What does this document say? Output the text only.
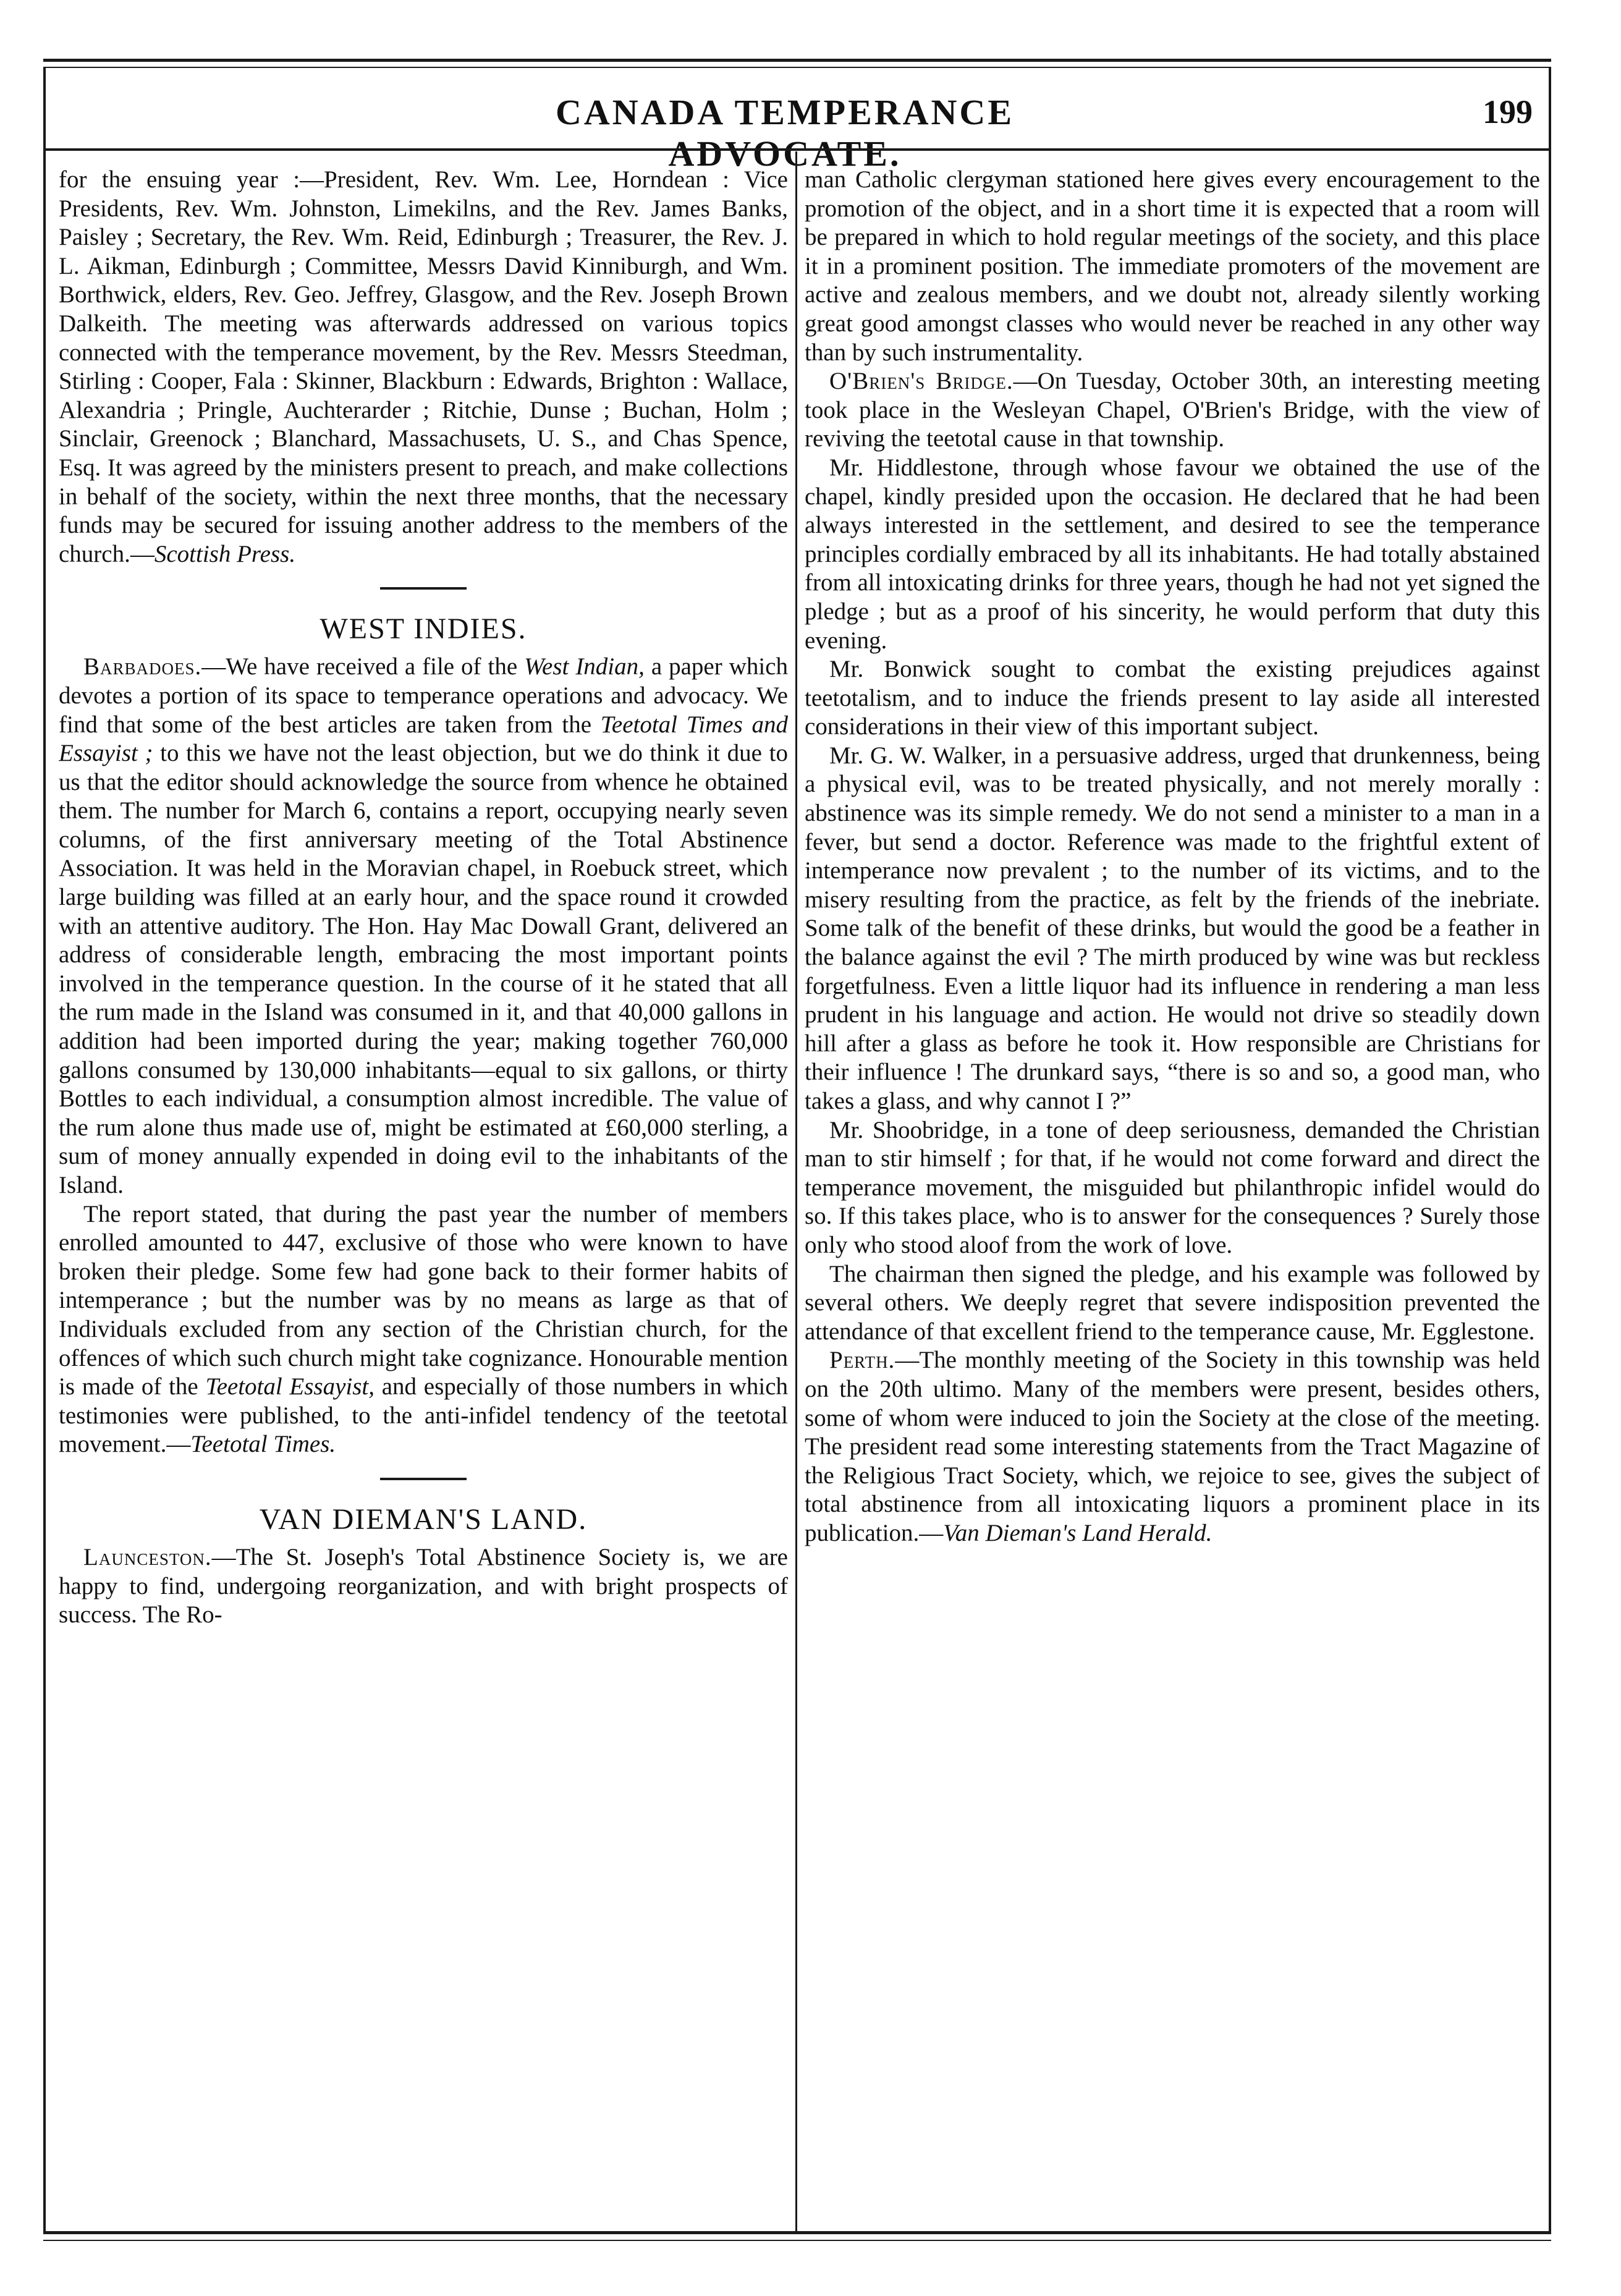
CANADA TEMPERANCE ADVOCATE.
199

for the ensuing year :—President, Rev. Wm. Lee, Horndean : Vice Presidents, Rev. Wm. Johnston, Limekilns, and the Rev. James Banks, Paisley ; Secretary, the Rev. Wm. Reid, Edinburgh ; Treasurer, the Rev. J. L. Aikman, Edinburgh ; Committee, Messrs David Kinniburgh, and Wm. Borthwick, elders, Rev. Geo. Jeffrey, Glasgow, and the Rev. Joseph Brown Dalkeith. The meeting was afterwards addressed on various topics connected with the temperance movement, by the Rev. Messrs Steedman, Stirling : Cooper, Fala : Skinner, Blackburn : Edwards, Brighton : Wallace, Alexandria ; Pringle, Auchterarder ; Ritchie, Dunse ; Buchan, Holm ; Sinclair, Greenock ; Blanchard, Massachusets, U. S., and Chas Spence, Esq. It was agreed by the ministers present to preach, and make collections in behalf of the society, within the next three months, that the necessary funds may be secured for issuing another address to the members of the church.—Scottish Press.

WEST INDIES.

Barbadoes.—We have received a file of the West Indian, a paper which devotes a portion of its space to temperance operations and advocacy. We find that some of the best articles are taken from the Teetotal Times and Essayist ; to this we have not the least objection, but we do think it due to us that the editor should acknowledge the source from whence he obtained them. The number for March 6, contains a report, occupying nearly seven columns, of the first anniversary meeting of the Total Abstinence Association. It was held in the Moravian chapel, in Roebuck street, which large building was filled at an early hour, and the space round it crowded with an attentive auditory. The Hon. Hay Mac Dowall Grant, delivered an address of considerable length, embracing the most important points involved in the temperance question. In the course of it he stated that all the rum made in the Island was consumed in it, and that 40,000 gallons in addition had been imported during the year; making together 760,000 gallons consumed by 130,000 inhabitants—equal to six gallons, or thirty Bottles to each individual, a consumption almost incredible. The value of the rum alone thus made use of, might be estimated at £60,000 sterling, a sum of money annually expended in doing evil to the inhabitants of the Island.

The report stated, that during the past year the number of members enrolled amounted to 447, exclusive of those who were known to have broken their pledge. Some few had gone back to their former habits of intemperance ; but the number was by no means as large as that of Individuals excluded from any section of the Christian church, for the offences of which such church might take cognizance. Honourable mention is made of the Teetotal Essayist, and especially of those numbers in which testimonies were published, to the anti-infidel tendency of the teetotal movement.—Teetotal Times.

VAN DIEMAN'S LAND.

Launceston.—The St. Joseph's Total Abstinence Society is, we are happy to find, undergoing reorganization, and with bright prospects of success. The Ro-

man Catholic clergyman stationed here gives every encouragement to the promotion of the object, and in a short time it is expected that a room will be prepared in which to hold regular meetings of the society, and this place it in a prominent position. The immediate promoters of the movement are active and zealous members, and we doubt not, already silently working great good amongst classes who would never be reached in any other way than by such instrumentality.

O'Brien's Bridge.—On Tuesday, October 30th, an interesting meeting took place in the Wesleyan Chapel, O'Brien's Bridge, with the view of reviving the teetotal cause in that township.

Mr. Hiddlestone, through whose favour we obtained the use of the chapel, kindly presided upon the occasion. He declared that he had been always interested in the settlement, and desired to see the temperance principles cordially embraced by all its inhabitants. He had totally abstained from all intoxicating drinks for three years, though he had not yet signed the pledge ; but as a proof of his sincerity, he would perform that duty this evening.

Mr. Bonwick sought to combat the existing prejudices against teetotalism, and to induce the friends present to lay aside all interested considerations in their view of this important subject.

Mr. G. W. Walker, in a persuasive address, urged that drunkenness, being a physical evil, was to be treated physically, and not merely morally : abstinence was its simple remedy. We do not send a minister to a man in a fever, but send a doctor. Reference was made to the frightful extent of intemperance now prevalent ; to the number of its victims, and to the misery resulting from the practice, as felt by the friends of the inebriate. Some talk of the benefit of these drinks, but would the good be a feather in the balance against the evil ? The mirth produced by wine was but reckless forgetfulness. Even a little liquor had its influence in rendering a man less prudent in his language and action. He would not drive so steadily down hill after a glass as before he took it. How responsible are Christians for their influence ! The drunkard says, “there is so and so, a good man, who takes a glass, and why cannot I ?”

Mr. Shoobridge, in a tone of deep seriousness, demanded the Christian man to stir himself ; for that, if he would not come forward and direct the temperance movement, the misguided but philanthropic infidel would do so. If this takes place, who is to answer for the consequences ? Surely those only who stood aloof from the work of love.

The chairman then signed the pledge, and his example was followed by several others. We deeply regret that severe indisposition prevented the attendance of that excellent friend to the temperance cause, Mr. Egglestone.

Perth.—The monthly meeting of the Society in this township was held on the 20th ultimo. Many of the members were present, besides others, some of whom were induced to join the Society at the close of the meeting. The president read some interesting statements from the Tract Magazine of the Religious Tract Society, which, we rejoice to see, gives the subject of total abstinence from all intoxicating liquors a prominent place in its publication.—Van Dieman's Land Herald.
